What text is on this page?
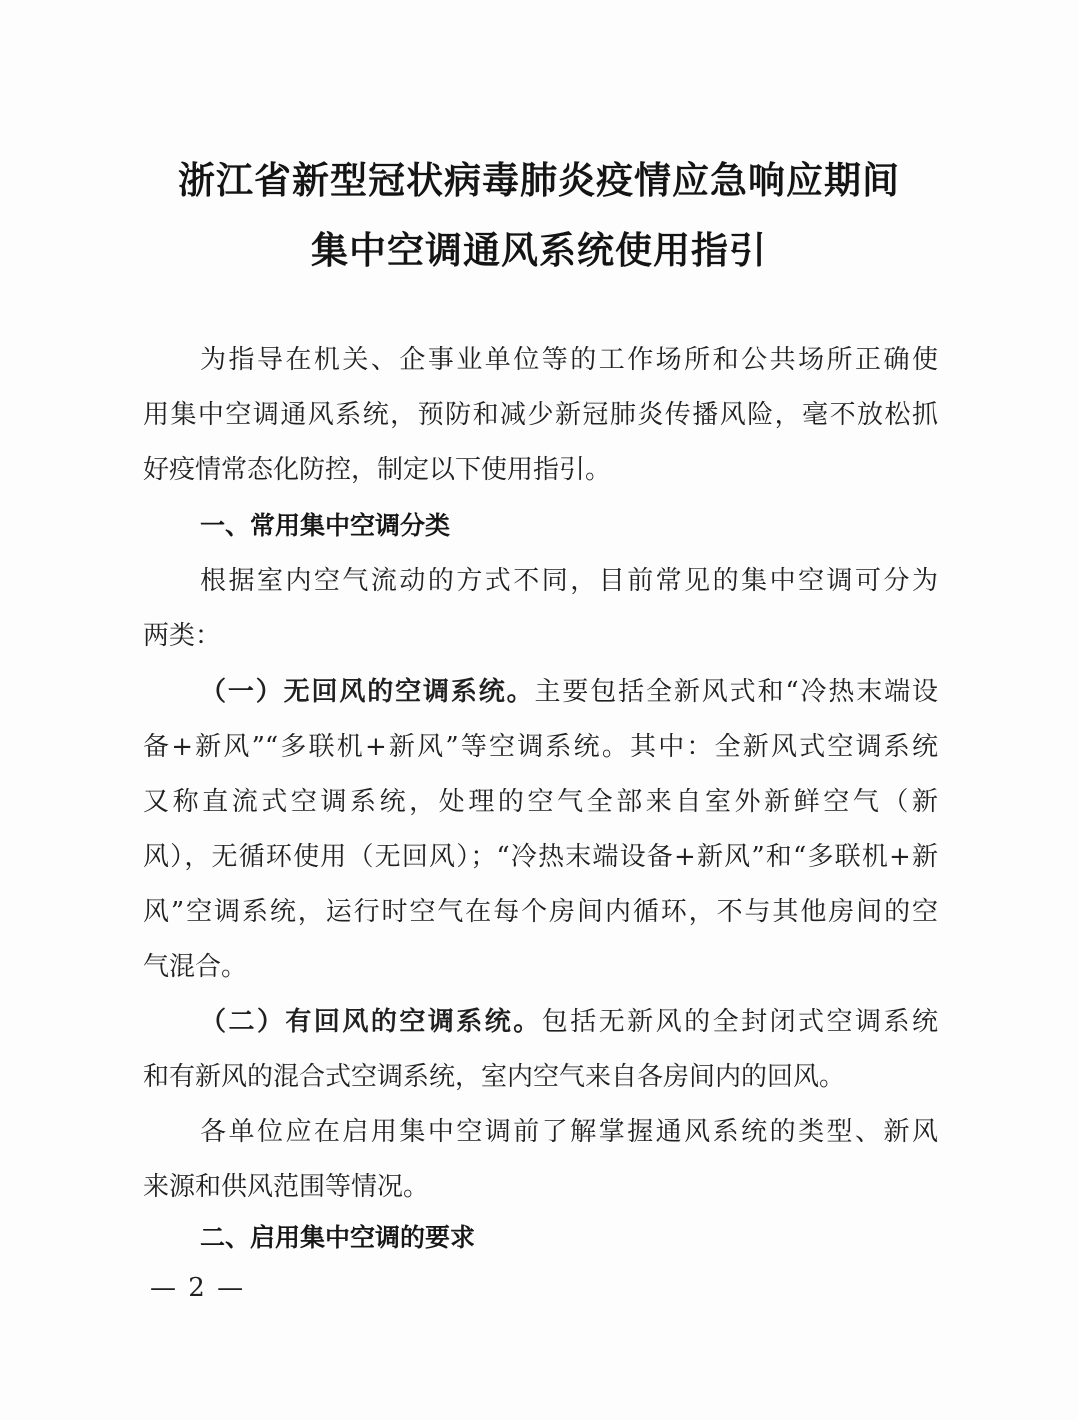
浙江省新型冠状病毒肺炎疫情应急响应期间
集中空调通风系统使用指引
为指导在机关、企事业单位等的工作场所和公共场所正确使
用集中空调通风系统，预防和减少新冠肺炎传播风险，毫不放松抓
好疫情常态化防控，制定以下使用指引。
一、常用集中空调分类
根据室内空气流动的方式不同，目前常见的集中空调可分为
两类：
（一）无回风的空调系统。主要包括全新风式和“冷热末端设
备+新风”“多联机+新风”等空调系统。其中：全新风式空调系统
又称直流式空调系统，处理的空气全部来自室外新鲜空气（新
风），无循环使用（无回风）；“冷热末端设备+新风”和“多联机+新
风”空调系统，运行时空气在每个房间内循环，不与其他房间的空
气混合。
（二）有回风的空调系统。包括无新风的全封闭式空调系统
和有新风的混合式空调系统，室内空气来自各房间内的回风。
各单位应在启用集中空调前了解掌握通风系统的类型、新风
来源和供风范围等情况。
二、启用集中空调的要求
— 2 —
